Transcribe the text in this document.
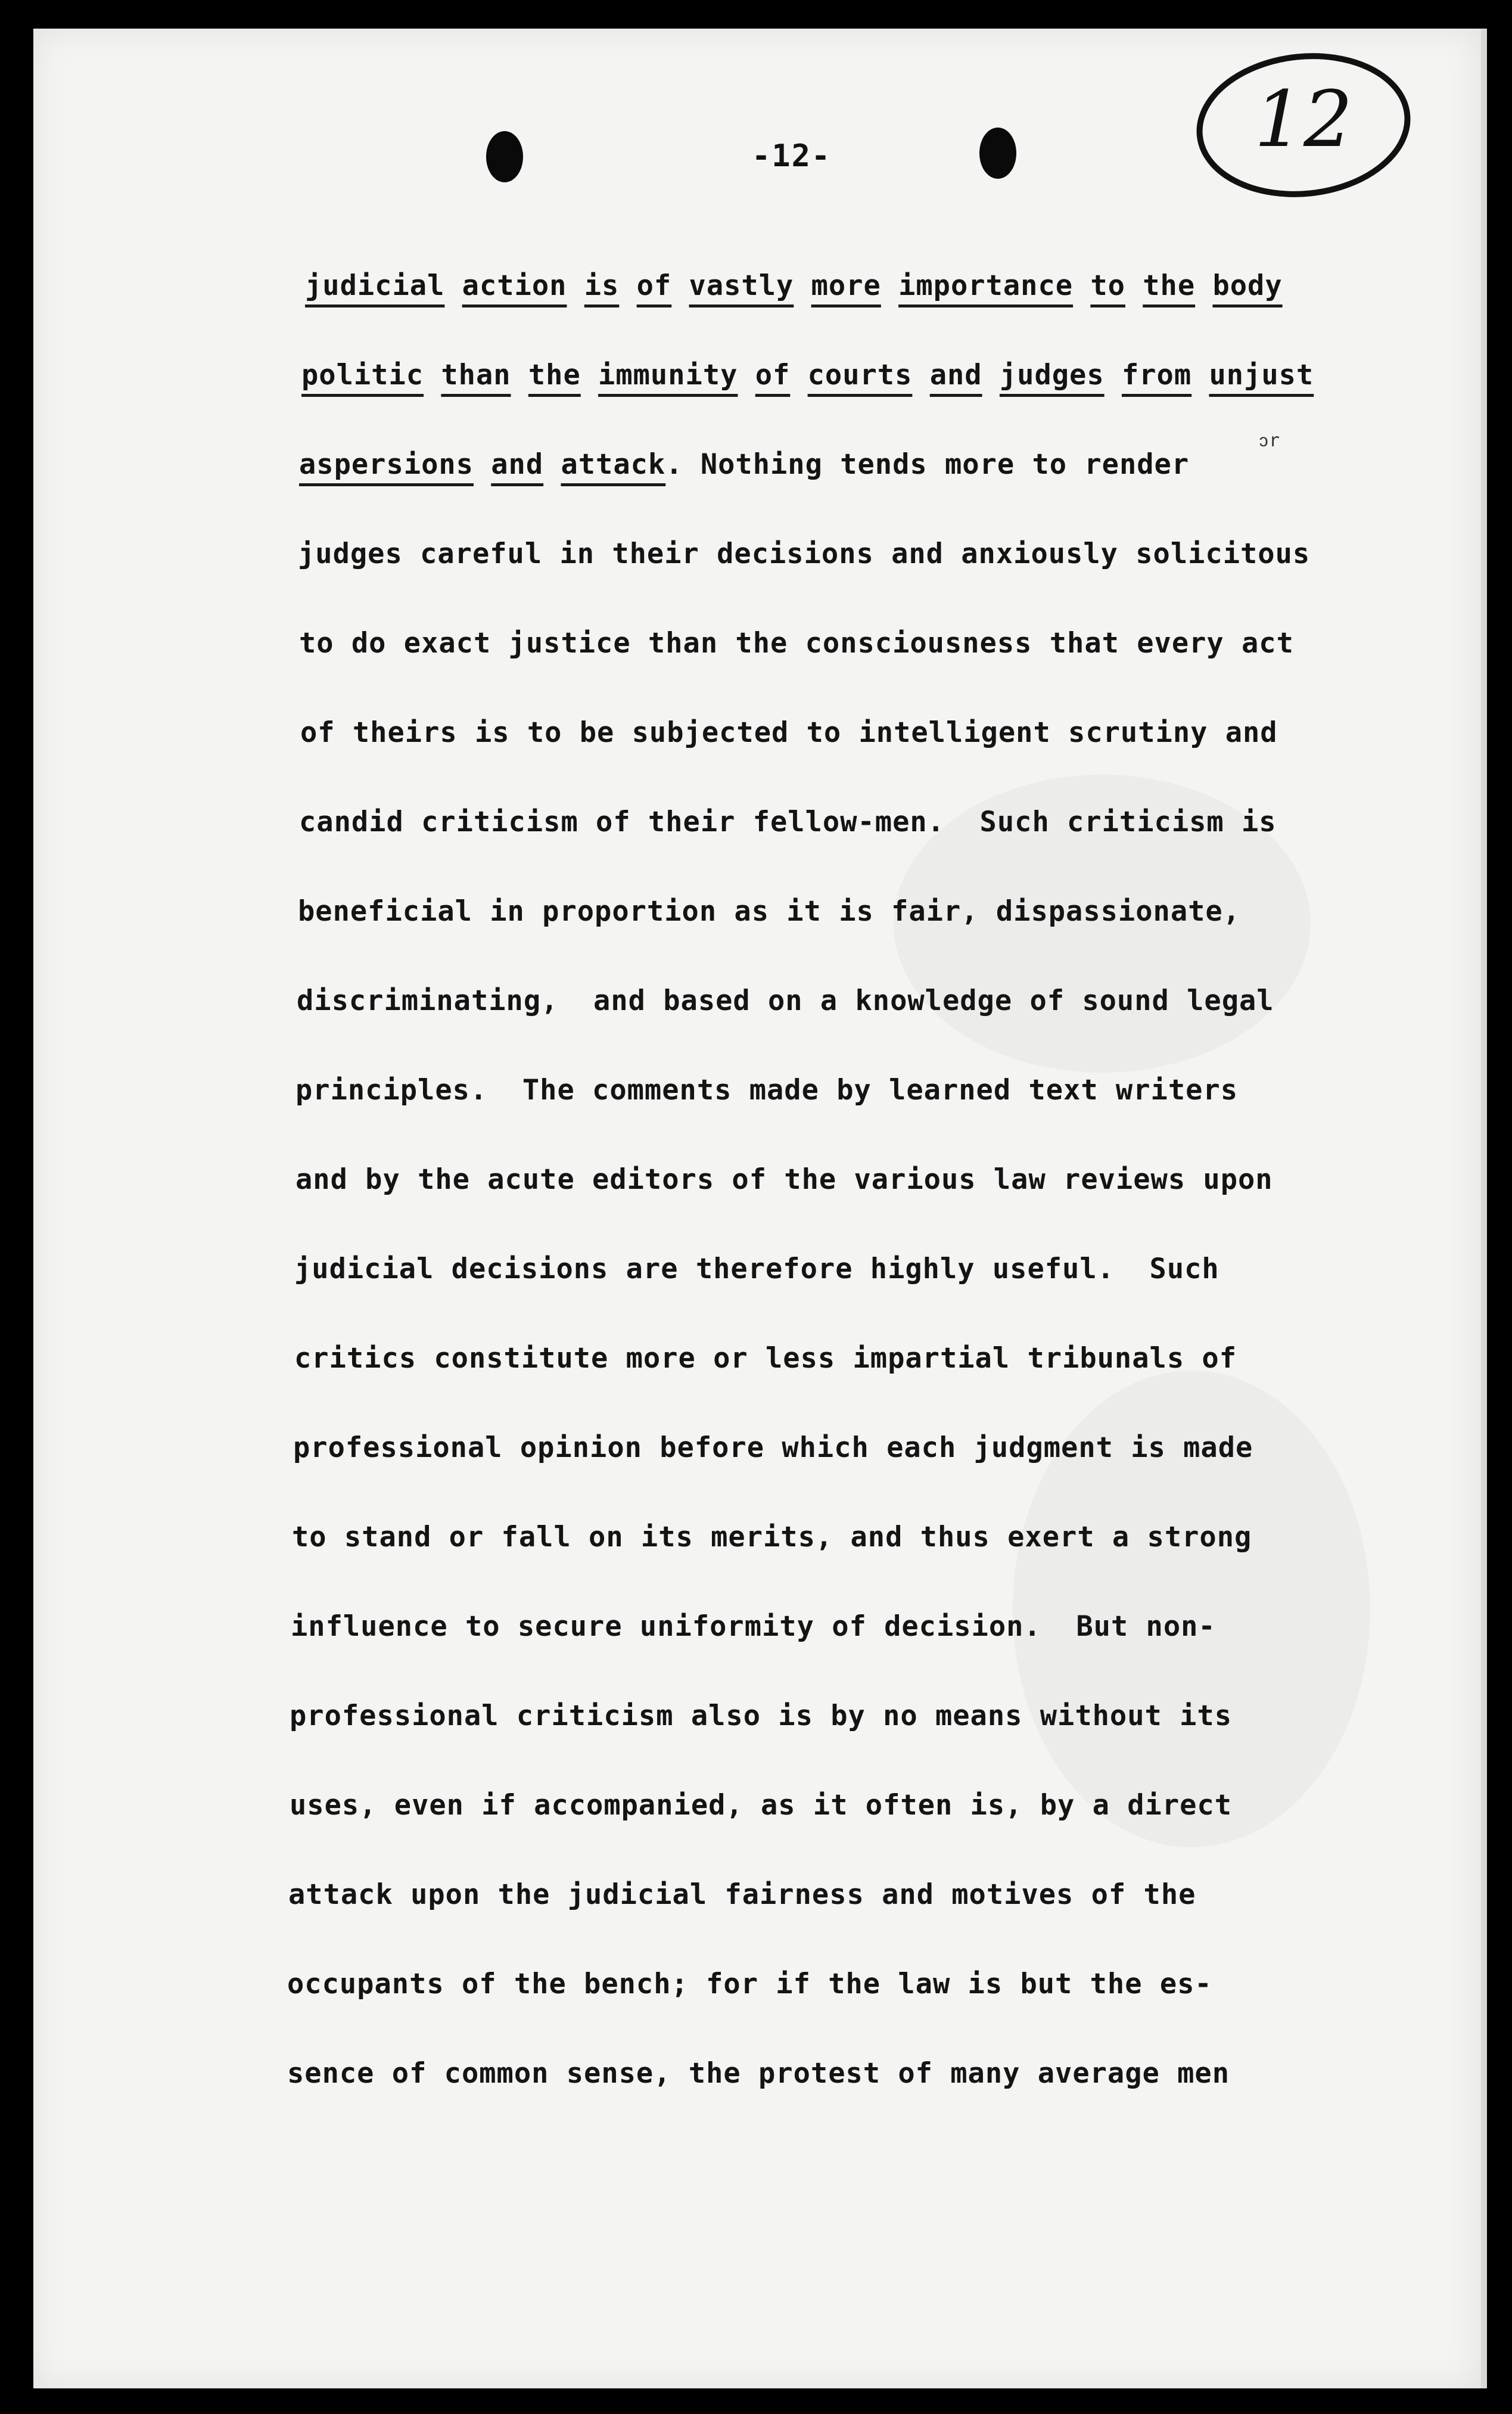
-12-	12
ↄr
judicial action is of vastly more importance to the body
politic than the immunity of courts and judges from unjust
aspersions and attack. Nothing tends more to render
judges careful in their decisions and anxiously solicitous
to do exact justice than the consciousness that every act
of theirs is to be subjected to intelligent scrutiny and
candid criticism of their fellow-men.  Such criticism is
beneficial in proportion as it is fair, dispassionate,
discriminating,  and based on a knowledge of sound legal
principles.  The comments made by learned text writers
and by the acute editors of the various law reviews upon
judicial decisions are therefore highly useful.  Such
critics constitute more or less impartial tribunals of
professional opinion before which each judgment is made
to stand or fall on its merits, and thus exert a strong
influence to secure uniformity of decision.  But non-
professional criticism also is by no means without its
uses, even if accompanied, as it often is, by a direct
attack upon the judicial fairness and motives of the
occupants of the bench; for if the law is but the es-
sence of common sense, the protest of many average men
